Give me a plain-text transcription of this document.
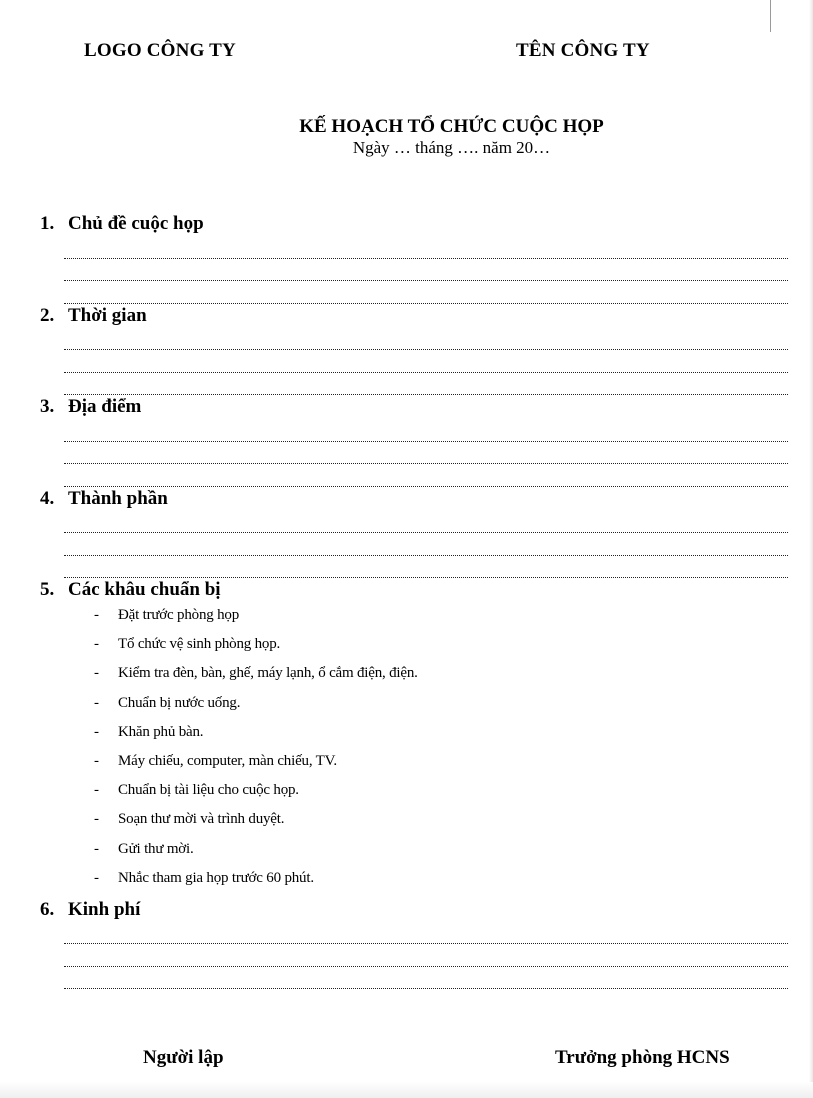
LOGO CÔNG TY	TÊN CÔNG TY
KẾ HOẠCH TỔ CHỨC CUỘC HỌP
Ngày … tháng …. năm 20…
1. Chủ đề cuộc họp
2. Thời gian
3. Địa điểm
4. Thành phần
5. Các khâu chuẩn bị
-	Đặt trước phòng họp
-	Tổ chức vệ sinh phòng họp.
-	Kiểm tra đèn, bàn, ghế, máy lạnh, ổ cắm điện, điện.
-	Chuẩn bị nước uống.
-	Khăn phủ bàn.
-	Máy chiếu, computer, màn chiếu, TV.
-	Chuẩn bị tài liệu cho cuộc họp.
-	Soạn thư mời và trình duyệt.
-	Gửi thư mời.
-	Nhắc tham gia họp trước 60 phút.
6. Kinh phí
Người lập	Trưởng phòng HCNS
